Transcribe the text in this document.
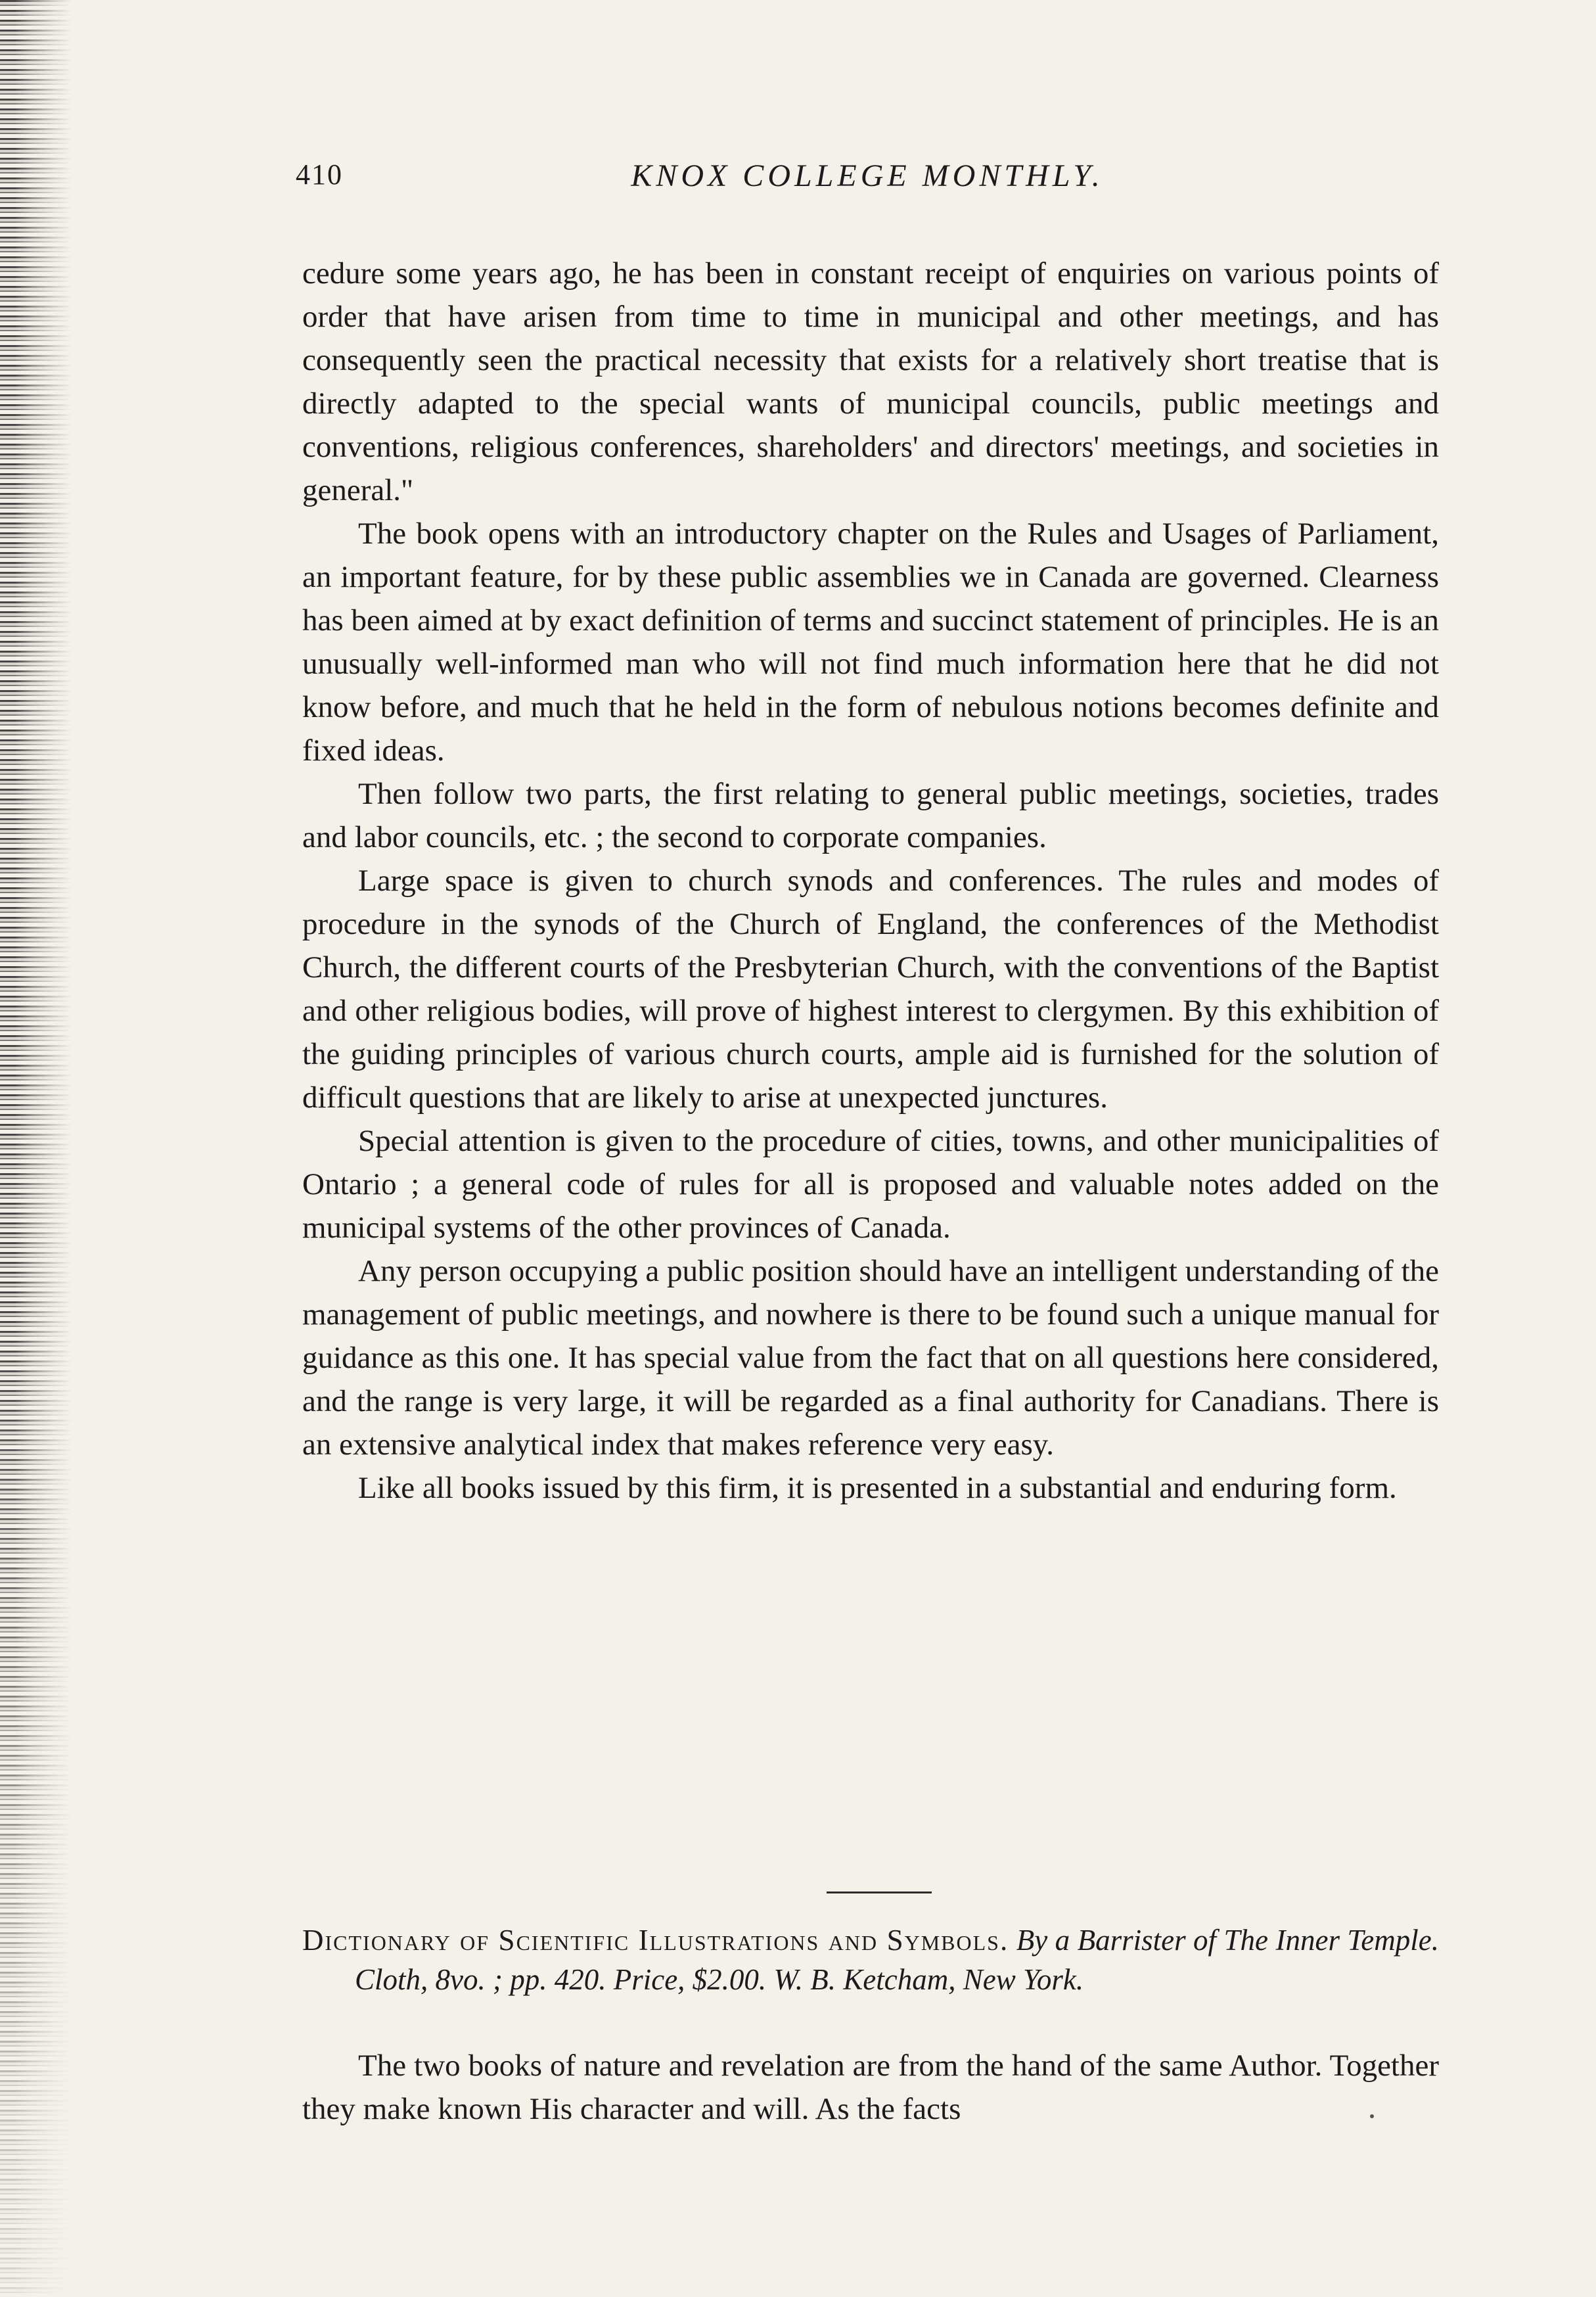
410	KNOX COLLEGE MONTHLY.

cedure some years ago, he has been in constant receipt of enquiries on various points of order that have arisen from time to time in municipal and other meetings, and has consequently seen the practical necessity that exists for a relatively short treatise that is directly adapted to the special wants of municipal councils, public meetings and conventions, religious conferences, shareholders' and directors' meetings, and societies in general."

The book opens with an introductory chapter on the Rules and Usages of Parliament, an important feature, for by these public assemblies we in Canada are governed. Clearness has been aimed at by exact definition of terms and succinct statement of principles. He is an unusually well-informed man who will not find much information here that he did not know before, and much that he held in the form of nebulous notions becomes definite and fixed ideas.

Then follow two parts, the first relating to general public meetings, societies, trades and labor councils, etc. ; the second to corporate companies.

Large space is given to church synods and conferences. The rules and modes of procedure in the synods of the Church of England, the conferences of the Methodist Church, the different courts of the Presbyterian Church, with the conventions of the Baptist and other religious bodies, will prove of highest interest to clergymen. By this exhibition of the guiding principles of various church courts, ample aid is furnished for the solution of difficult questions that are likely to arise at unexpected junctures.

Special attention is given to the procedure of cities, towns, and other municipalities of Ontario ; a general code of rules for all is proposed and valuable notes added on the municipal systems of the other provinces of Canada.

Any person occupying a public position should have an intelligent understanding of the management of public meetings, and nowhere is there to be found such a unique manual for guidance as this one. It has special value from the fact that on all questions here considered, and the range is very large, it will be regarded as a final authority for Canadians. There is an extensive analytical index that makes reference very easy.

Like all books issued by this firm, it is presented in a substantial and enduring form.

Dictionary of Scientific Illustrations and Symbols. By a Barrister of The Inner Temple. Cloth, 8vo. ; pp. 420. Price, $2.00. W. B. Ketcham, New York.

The two books of nature and revelation are from the hand of the same Author. Together they make known His character and will. As the facts
